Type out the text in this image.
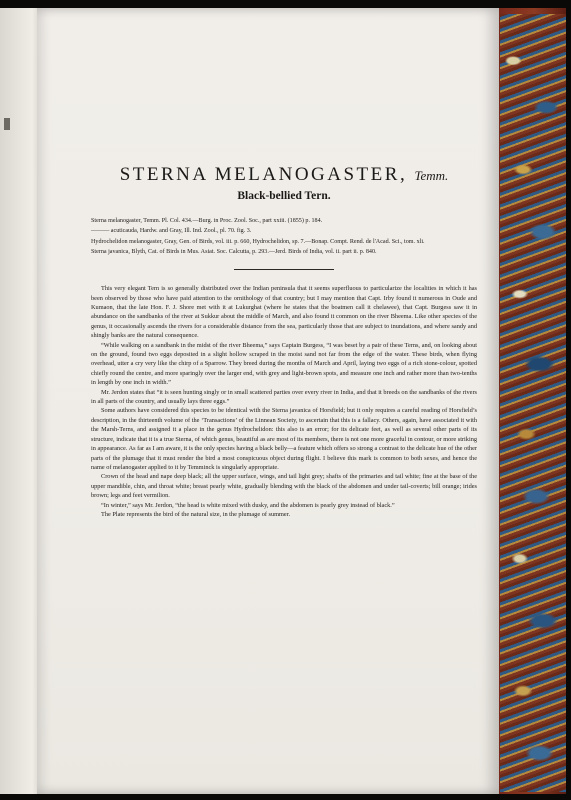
STERNA MELANOGASTER, Temm.
Black-bellied Tern.
Sterna melanogaster, Temm. Pl. Col. 434.—Burg. in Proc. Zool. Soc., part xxiii. (1855) p. 184.
——— acuticauda, Hardw. and Gray, Ill. Ind. Zool., pl. 70. fig. 3.
Hydrochelidon melanogaster, Gray, Gen. of Birds, vol. iii. p. 660, Hydrochelidon, sp. 7.—Bonap. Compt. Rend. de l'Acad. Sci., tom. xli.
Sterna javanica, Blyth, Cat. of Birds in Mus. Asiat. Soc. Calcutta, p. 293.—Jerd. Birds of India, vol. ii. part ii. p. 840.

This very elegant Tern is so generally distributed over the Indian peninsula that it seems superfluous to particularize the localities in which it has been observed by those who have paid attention to the ornithology of that country; but I may mention that Capt. Irby found it numerous in Oude and Kumaon, that the late Hon. F. J. Shore met with it at Lukurghat (where he states that the boatmen call it chelawee), that Capt. Burgess saw it in abundance on the sandbanks of the river at Sukkur about the middle of March, and also found it common on the river Bheema. Like other species of the genus, it occasionally ascends the rivers for a considerable distance from the sea, particularly those that are subject to inundations, and where sandy and shingly banks are the natural consequence.

“While walking on a sandbank in the midst of the river Bheema,” says Captain Burgess, “I was beset by a pair of these Terns, and, on looking about on the ground, found two eggs deposited in a slight hollow scraped in the moist sand not far from the edge of the water. These birds, when flying overhead, utter a cry very like the chirp of a Sparrow. They breed during the months of March and April, laying two eggs of a rich stone-colour, spotted chiefly round the centre, and more sparingly over the larger end, with grey and light-brown spots, and measure one inch and rather more than two-tenths in length by one inch in width.”

Mr. Jerdon states that “it is seen hunting singly or in small scattered parties over every river in India, and that it breeds on the sandbanks of the rivers in all parts of the country, and usually lays three eggs.”

Some authors have considered this species to be identical with the Sterna javanica of Horsfield; but it only requires a careful reading of Horsfield’s description, in the thirteenth volume of the ‘Transactions’ of the Linnean Society, to ascertain that this is a fallacy. Others, again, have associated it with the Marsh-Terns, and assigned it a place in the genus Hydrochelidon: this also is an error; for its delicate feet, as well as several other parts of its structure, indicate that it is a true Sterna, of which genus, beautiful as are most of its members, there is not one more graceful in contour, or more striking in appearance. As far as I am aware, it is the only species having a black belly—a feature which offers so strong a contrast to the delicate hue of the other parts of the plumage that it must render the bird a most conspicuous object during flight. I believe this mark is common to both sexes, and hence the name of melanogaster applied to it by Temminck is singularly appropriate.

Crown of the head and nape deep black; all the upper surface, wings, and tail light grey; shafts of the primaries and tail white; fine at the base of the upper mandible, chin, and throat white; breast pearly white, gradually blending with the black of the abdomen and under tail-coverts; bill orange; irides brown; legs and feet vermilion.

“In winter,” says Mr. Jerdon, “the head is white mixed with dusky, and the abdomen is pearly grey instead of black.”

The Plate represents the bird of the natural size, in the plumage of summer.
